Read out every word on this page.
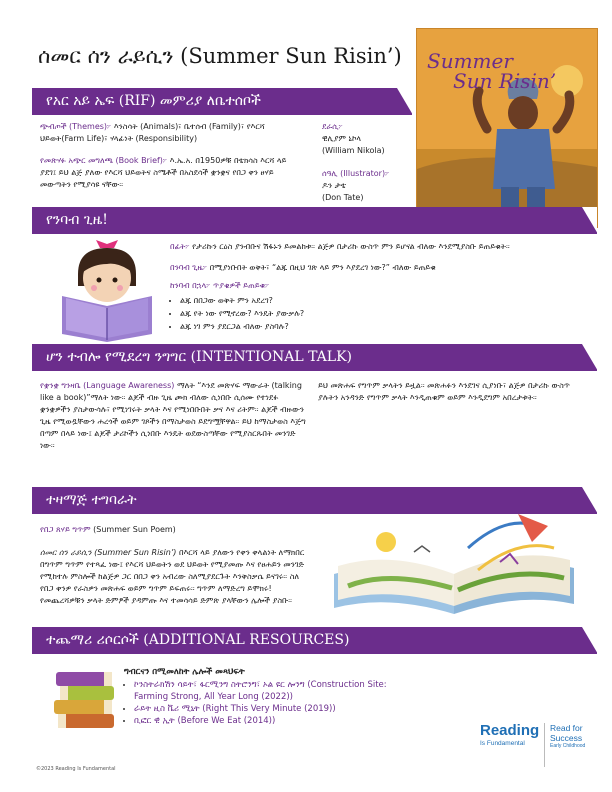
ሰመር ሰን ራይሲን (Summer Sun Risin’) Summer
Sun Risin’
የአር አይ ኤፍ (RIF) መምሪያ ለቤተሰቦች
ጭብጦች (Themes)፦ እንስሳት (Animals)፣ ቤተሰብ (Family)፣ የእርሻ ህይወት(Farm Life)፣ ሃላፊነት (Responsibility)
የመጽሃፉ አጭር መግለጫ (Book Brief)፦ እ.ኤ.አ. በ1950ዎቹ በቴክሳስ እርሻ ላይ ያደገ፤ ይህ ልጅ ያለው የእርሻ ህይወትና ስሜቶች በአስደሳች ቋንቋና የበጋ ቀን ፀሃይ መውጣትን የሚያሳዩ ናቸው።
ደራሲ፦
ዊሊያም ኒኮላ
(William Nikola)
ሰዓሊ (Illustrator)፦
ዶን ታቴ
(Don Tate)
የንባብ ጊዜ!
በፊት፦ የታሪኩን ርዕስ ያንብቡና ሽፋኑን ይመልከቱ። ልጅዎ በታሪኩ ውስጥ ምን ይሆናል ብለው እንደሚያስቡ ይጠይቁት።
በንባብ ጊዜ፦ በሚያነቡበት ወቅት፣ “ልጁ በዚህ ገጽ ላይ ምን እያደረገ ነው?” ብለው ይጠይቁ
ከንባብ በኋላ፦ ጥያቄዎች ይጠይቁ፦
• ልጁ በበጋው ወቅት ምን አደረገ?
• ልጁ የት ነው የሚኖረው? እንዴት ያውቃሉ?
• ልጁ ነገ ምን ያደርጋል ብለው ያስባሉ?
ሆን ተብሎ የሚደረግ ንግግር (INTENTIONAL TALK)
የቋንቋ ግንዛቤ (Language Awareness) ማለት “እንደ መጽሃፍ ማውራት (talking like a book)”ማለት ነው። ልጆች ብዙ ጊዜ ጮክ ብለው ሲነበቡ ሲሰሙ የተነደፉ ቋንቋዎችን ያስታውሳሉ፣ የሚነገሩት ቃላት እና የሚነበቡበት ቃና እና ሪትም። ልጆች ብዙውን ጊዜ የሚወዷቸውን ሐረጎች ወይም ገጾችን በማስታወስ ይደግሟቸዋል። ይህ ከማስታወስ እጅግ በጣም በላይ ነው፤ ልጆች ታሪኮችን ሲነበቡ እንዴት ወደውስጣቸው የሚያስርጹበት መንገድ ነው።
ይህ መጽሐፍ የግጥም ቃላትን ይዟል። መጽሐፉን እንደገና ሲያነቡ፣ ልጅዎ በታሪኩ ውስጥ ያሉትን አንዳንድ የግጥም ቃላት እንዲጠቁም ወይም እንዲደግም አበረታቱት።
ተዛማጅ ተግባራት
የበጋ ጸሃይ ግጥም (Summer Sun Poem)
ሰመር ሰን ራይሲን (Summer Sun Risin’) በእርሻ ላይ ያለውን የቀን ቀላልነት ለማክበር በግጥም ግጥም የተጻፈ ነው፤ የእርሻ ህይወትን ወደ ህይወት የሚያመጡ እና የፀሐይን መንገድ የሚከተሉ ምስሎች ከልጅዎ ጋር በበጋ ቀን አብረው ስለሚያደርጉት እንቅስቃሴ ይናገሩ። ስለ የበጋ ቀንዎ የራስዎን መጽሐፍ ወይም ግጥም ይፍጠሩ። ግጥም ለማድረግ ይሞክሩ! የመጨረሻዎቹን ቃላት ድምፆች ያዳምጡ እና ተመሳሳይ ድምጽ ያላቸውን ሌሎች ያስቡ።
ተጨማሪ ሪሶርሶች (ADDITIONAL RESOURCES)
ግብርናን በሚመለከት ሌሎች መጻህፍት
• ኮንስትራክሽን ሳይት፣ ፋርሚንግ ስትሮንግ፣ ኦል ዩር ሎንግ (Construction Site: Farming Strong, All Year Long (2022))
• ራይት ዚስ ቬሪ ሚኒት (Right This Very Minute (2019))
• ቢፎር ዊ ኢት (Before We Eat (2014))
©2023 Reading Is Fundamental
Reading
Is Fundamental
Read for
Success
Early Childhood
